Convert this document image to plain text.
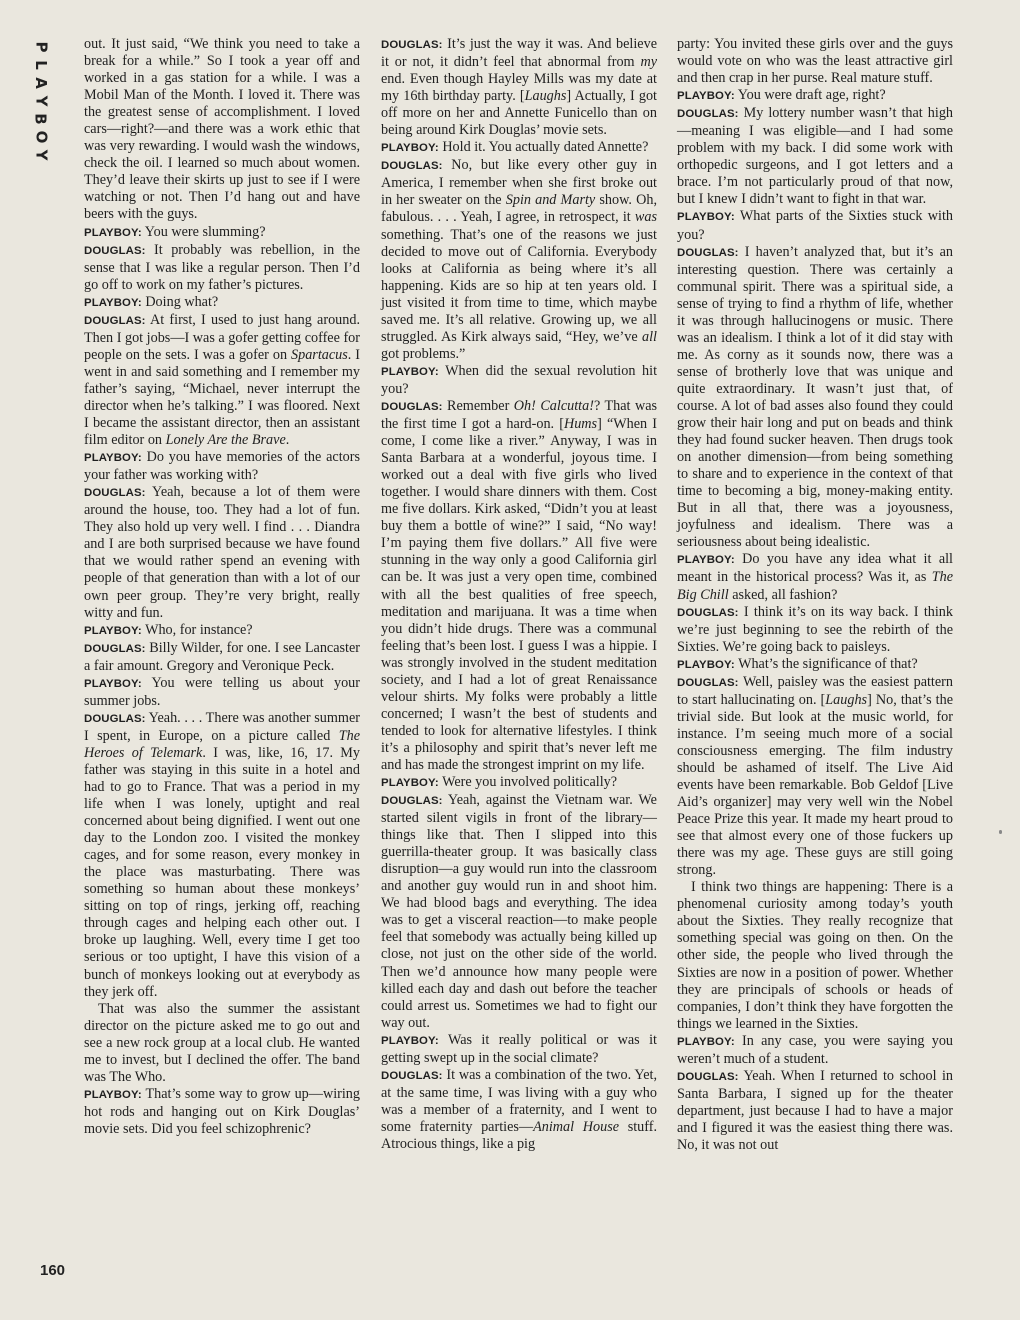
P
L
A
Y
B
O
Y

out. It just said, “We think you need to take a break for a while.” So I took a year off and worked in a gas station for a while. I was a Mobil Man of the Month. I loved it. There was the greatest sense of accomplishment. I loved cars—right?—and there was a work ethic that was very rewarding. I would wash the windows, check the oil. I learned so much about women. They’d leave their skirts up just to see if I were watching or not. Then I’d hang out and have beers with the guys.

PLAYBOY: You were slumming?

DOUGLAS: It probably was rebellion, in the sense that I was like a regular person. Then I’d go off to work on my father’s pictures.

PLAYBOY: Doing what?

DOUGLAS: At first, I used to just hang around. Then I got jobs—I was a gofer getting coffee for people on the sets. I was a gofer on Spartacus. I went in and said something and I remember my father’s saying, “Michael, never interrupt the director when he’s talking.” I was floored. Next I became the assistant director, then an assistant film editor on Lonely Are the Brave.

PLAYBOY: Do you have memories of the actors your father was working with?

DOUGLAS: Yeah, because a lot of them were around the house, too. They had a lot of fun. They also hold up very well. I find . . . Diandra and I are both surprised because we have found that we would rather spend an evening with people of that generation than with a lot of our own peer group. They’re very bright, really witty and fun.

PLAYBOY: Who, for instance?

DOUGLAS: Billy Wilder, for one. I see Lancaster a fair amount. Gregory and Veronique Peck.

PLAYBOY: You were telling us about your summer jobs.

DOUGLAS: Yeah. . . . There was another summer I spent, in Europe, on a picture called The Heroes of Telemark. I was, like, 16, 17. My father was staying in this suite in a hotel and had to go to France. That was a period in my life when I was lonely, uptight and real concerned about being dignified. I went out one day to the London zoo. I visited the monkey cages, and for some reason, every monkey in the place was masturbating. There was something so human about these monkeys’ sitting on top of rings, jerking off, reaching through cages and helping each other out. I broke up laughing. Well, every time I get too serious or too uptight, I have this vision of a bunch of monkeys looking out at everybody as they jerk off.

That was also the summer the assistant director on the picture asked me to go out and see a new rock group at a local club. He wanted me to invest, but I declined the offer. The band was The Who.

PLAYBOY: That’s some way to grow up—wiring hot rods and hanging out on Kirk Douglas’ movie sets. Did you feel schizophrenic?

DOUGLAS: It’s just the way it was. And believe it or not, it didn’t feel that abnormal from my end. Even though Hayley Mills was my date at my 16th birthday party. [Laughs] Actually, I got off more on her and Annette Funicello than on being around Kirk Douglas’ movie sets.

PLAYBOY: Hold it. You actually dated Annette?

DOUGLAS: No, but like every other guy in America, I remember when she first broke out in her sweater on the Spin and Marty show. Oh, fabulous. . . . Yeah, I agree, in retrospect, it was something. That’s one of the reasons we just decided to move out of California. Everybody looks at California as being where it’s all happening. Kids are so hip at ten years old. I just visited it from time to time, which maybe saved me. It’s all relative. Growing up, we all struggled. As Kirk always said, “Hey, we’ve all got problems.”

PLAYBOY: When did the sexual revolution hit you?

DOUGLAS: Remember Oh! Calcutta!? That was the first time I got a hard-on. [Hums] “When I come, I come like a river.” Anyway, I was in Santa Barbara at a wonderful, joyous time. I worked out a deal with five girls who lived together. I would share dinners with them. Cost me five dollars. Kirk asked, “Didn’t you at least buy them a bottle of wine?” I said, “No way! I’m paying them five dollars.” All five were stunning in the way only a good California girl can be. It was just a very open time, combined with all the best qualities of free speech, meditation and marijuana. It was a time when you didn’t hide drugs. There was a communal feeling that’s been lost. I guess I was a hippie. I was strongly involved in the student meditation society, and I had a lot of great Renaissance velour shirts. My folks were probably a little concerned; I wasn’t the best of students and tended to look for alternative lifestyles. I think it’s a philosophy and spirit that’s never left me and has made the strongest imprint on my life.

PLAYBOY: Were you involved politically?

DOUGLAS: Yeah, against the Vietnam war. We started silent vigils in front of the library—things like that. Then I slipped into this guerrilla-theater group. It was basically class disruption—a guy would run into the classroom and another guy would run in and shoot him. We had blood bags and everything. The idea was to get a visceral reaction—to make people feel that somebody was actually being killed up close, not just on the other side of the world. Then we’d announce how many people were killed each day and dash out before the teacher could arrest us. Sometimes we had to fight our way out.

PLAYBOY: Was it really political or was it getting swept up in the social climate?

DOUGLAS: It was a combination of the two. Yet, at the same time, I was living with a guy who was a member of a fraternity, and I went to some fraternity parties—Animal House stuff. Atrocious things, like a pig

party: You invited these girls over and the guys would vote on who was the least attractive girl and then crap in her purse. Real mature stuff.

PLAYBOY: You were draft age, right?

DOUGLAS: My lottery number wasn’t that high—meaning I was eligible—and I had some problem with my back. I did some work with orthopedic surgeons, and I got letters and a brace. I’m not particularly proud of that now, but I knew I didn’t want to fight in that war.

PLAYBOY: What parts of the Sixties stuck with you?

DOUGLAS: I haven’t analyzed that, but it’s an interesting question. There was certainly a communal spirit. There was a spiritual side, a sense of trying to find a rhythm of life, whether it was through hallucinogens or music. There was an idealism. I think a lot of it did stay with me. As corny as it sounds now, there was a sense of brotherly love that was unique and quite extraordinary. It wasn’t just that, of course. A lot of bad asses also found they could grow their hair long and put on beads and think they had found sucker heaven. Then drugs took on another dimension—from being something to share and to experience in the context of that time to becoming a big, money-making entity. But in all that, there was a joyousness, joyfulness and idealism. There was a seriousness about being idealistic.

PLAYBOY: Do you have any idea what it all meant in the historical process? Was it, as The Big Chill asked, all fashion?

DOUGLAS: I think it’s on its way back. I think we’re just beginning to see the rebirth of the Sixties. We’re going back to paisleys.

PLAYBOY: What’s the significance of that?

DOUGLAS: Well, paisley was the easiest pattern to start hallucinating on. [Laughs] No, that’s the trivial side. But look at the music world, for instance. I’m seeing much more of a social consciousness emerging. The film industry should be ashamed of itself. The Live Aid events have been remarkable. Bob Geldof [Live Aid’s organizer] may very well win the Nobel Peace Prize this year. It made my heart proud to see that almost every one of those fuckers up there was my age. These guys are still going strong.

I think two things are happening: There is a phenomenal curiosity among today’s youth about the Sixties. They really recognize that something special was going on then. On the other side, the people who lived through the Sixties are now in a position of power. Whether they are principals of schools or heads of companies, I don’t think they have forgotten the things we learned in the Sixties.

PLAYBOY: In any case, you were saying you weren’t much of a student.

DOUGLAS: Yeah. When I returned to school in Santa Barbara, I signed up for the theater department, just because I had to have a major and I figured it was the easiest thing there was. No, it was not out

160
